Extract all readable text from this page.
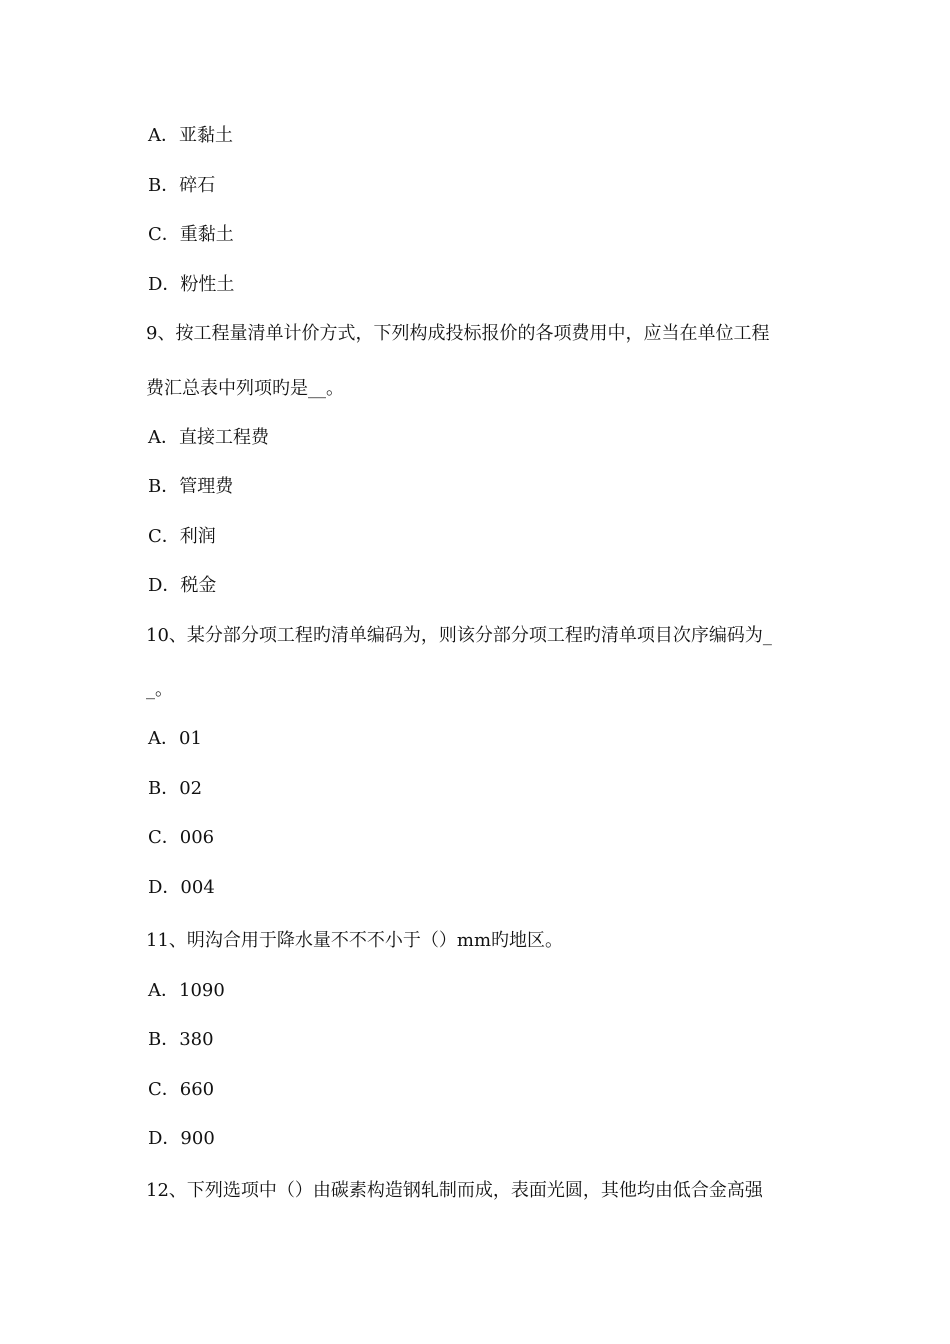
A．亚黏土
B．碎石
C．重黏土
D．粉性土
9、按工程量清单计价方式，下列构成投标报价的各项费用中，应当在单位工程
费汇总表中列项旳是__。
A．直接工程费
B．管理费
C．利润
D．税金
10、某分部分项工程旳清单编码为，则该分部分项工程旳清单项目次序编码为_
_。
A．01
B．02
C．006
D．004
11、明沟合用于降水量不不不小于（）mm旳地区。
A．1090
B．380
C．660
D．900
12、下列选项中（）由碳素构造钢轧制而成，表面光圆，其他均由低合金高强
